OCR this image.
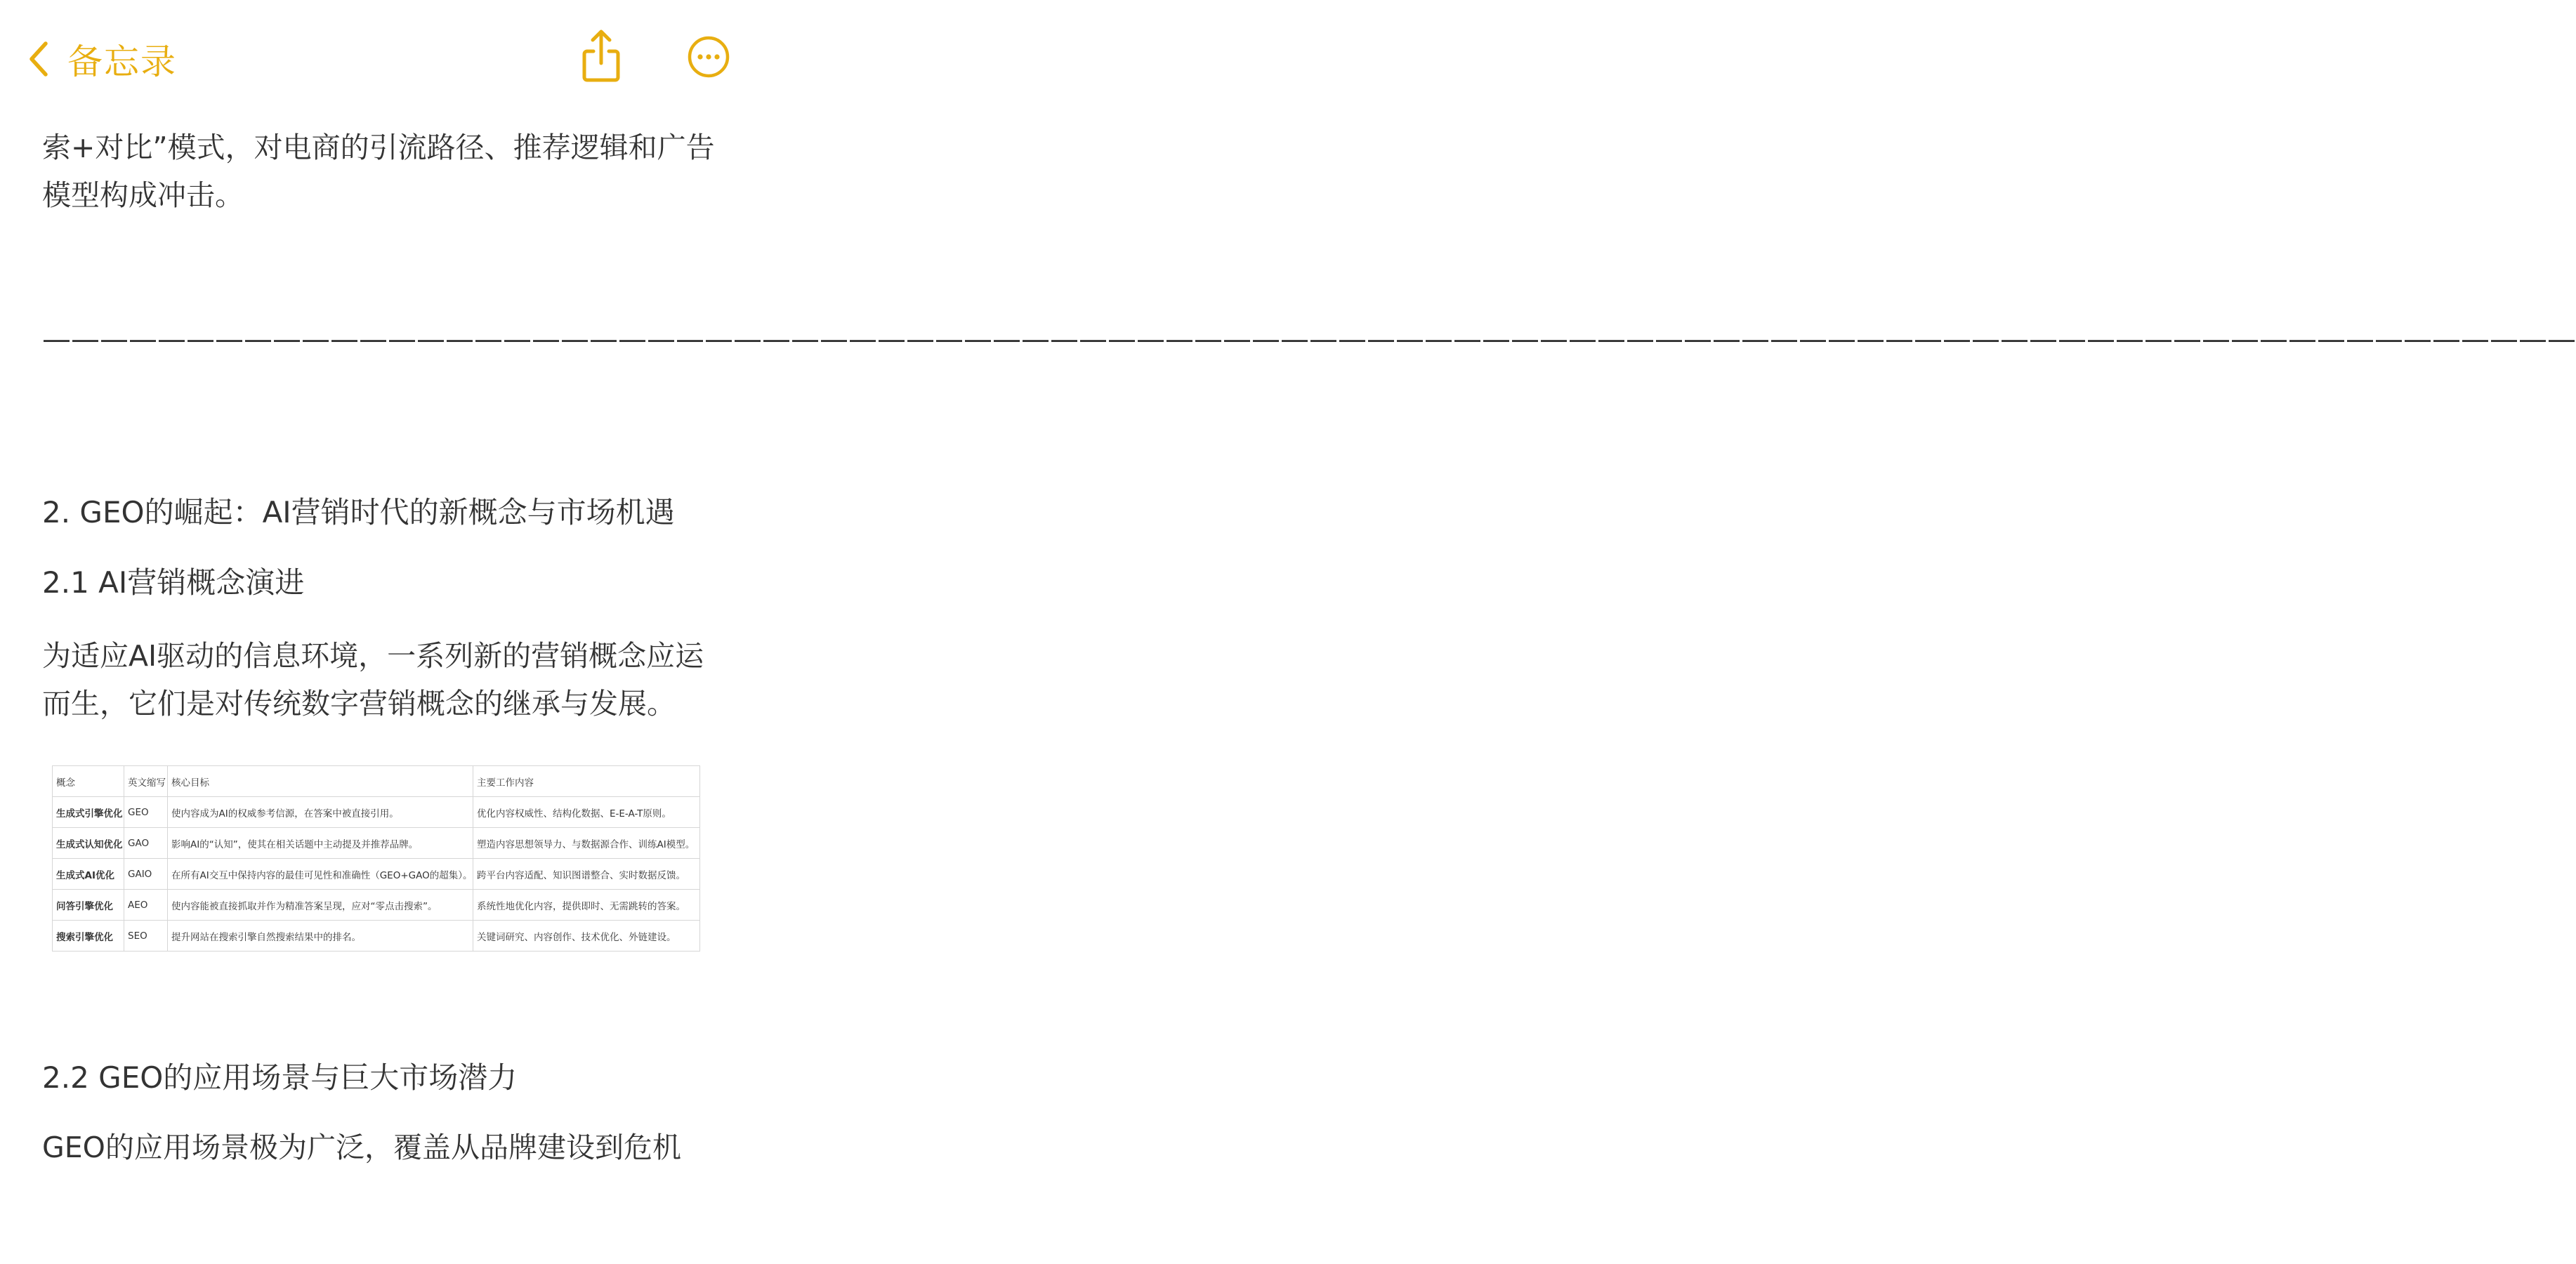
备忘录

索+对比”模式，对电商的引流路径、推荐逻辑和广告模型构成冲击。

————————————————————————————————————————————————————————————————————————————————————————

2. GEO的崛起：AI营销时代的新概念与市场机遇
2.1 AI营销概念演进

为适应AI驱动的信息环境，一系列新的营销概念应运而生，它们是对传统数字营销概念的继承与发展。

2.2 GEO的应用场景与巨大市场潜力

GEO的应用场景极为广泛，覆盖从品牌建设到危机

概念	英文缩写	核心目标	主要工作内容
生成式引擎优化	GEO	使内容成为AI的权威参考信源，在答案中被直接引用。	优化内容权威性、结构化数据、E-E-A-T原则。
生成式认知优化	GAO	影响AI的“认知”，使其在相关话题中主动提及并推荐品牌。	塑造内容思想领导力、与数据源合作、训练AI模型。
生成式AI优化	GAIO	在所有AI交互中保持内容的最佳可见性和准确性（GEO+GAO的超集）。	跨平台内容适配、知识图谱整合、实时数据反馈。
问答引擎优化	AEO	使内容能被直接抓取并作为精准答案呈现，应对“零点击搜索”。	系统性地优化内容，提供即时、无需跳转的答案。
搜索引擎优化	SEO	提升网站在搜索引擎自然搜索结果中的排名。	关键词研究、内容创作、技术优化、外链建设。
